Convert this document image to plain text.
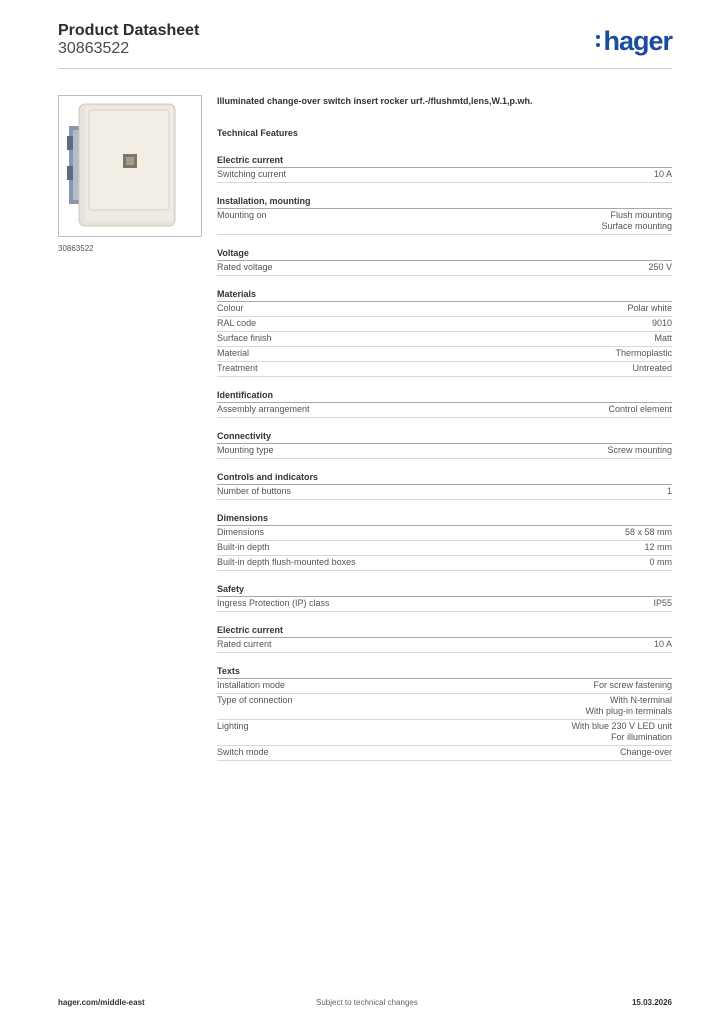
Product Datasheet
30863522	hager
30863522
Illuminated change-over switch insert rocker urf.-/flushmtd,lens,W.1,p.wh.
Technical Features
Electric current
Switching current	10 A
Installation, mounting
Mounting on	Flush mounting
Surface mounting
Voltage
Rated voltage	250 V
Materials
Colour	Polar white
RAL code	9010
Surface finish	Matt
Material	Thermoplastic
Treatment	Untreated
Identification
Assembly arrangement	Control element
Connectivity
Mounting type	Screw mounting
Controls and indicators
Number of buttons	1
Dimensions
Dimensions	58 x 58 mm
Built-in depth	12 mm
Built-in depth flush-mounted boxes	0 mm
Safety
Ingress Protection (IP) class	IP55
Electric current
Rated current	10 A
Texts
Installation mode	For screw fastening
Type of connection	With N-terminal
With plug-in terminals
Lighting	With blue 230 V LED unit
For illumination
Switch mode	Change-over
hager.com/middle-east	Subject to technical changes	15.03.2026
